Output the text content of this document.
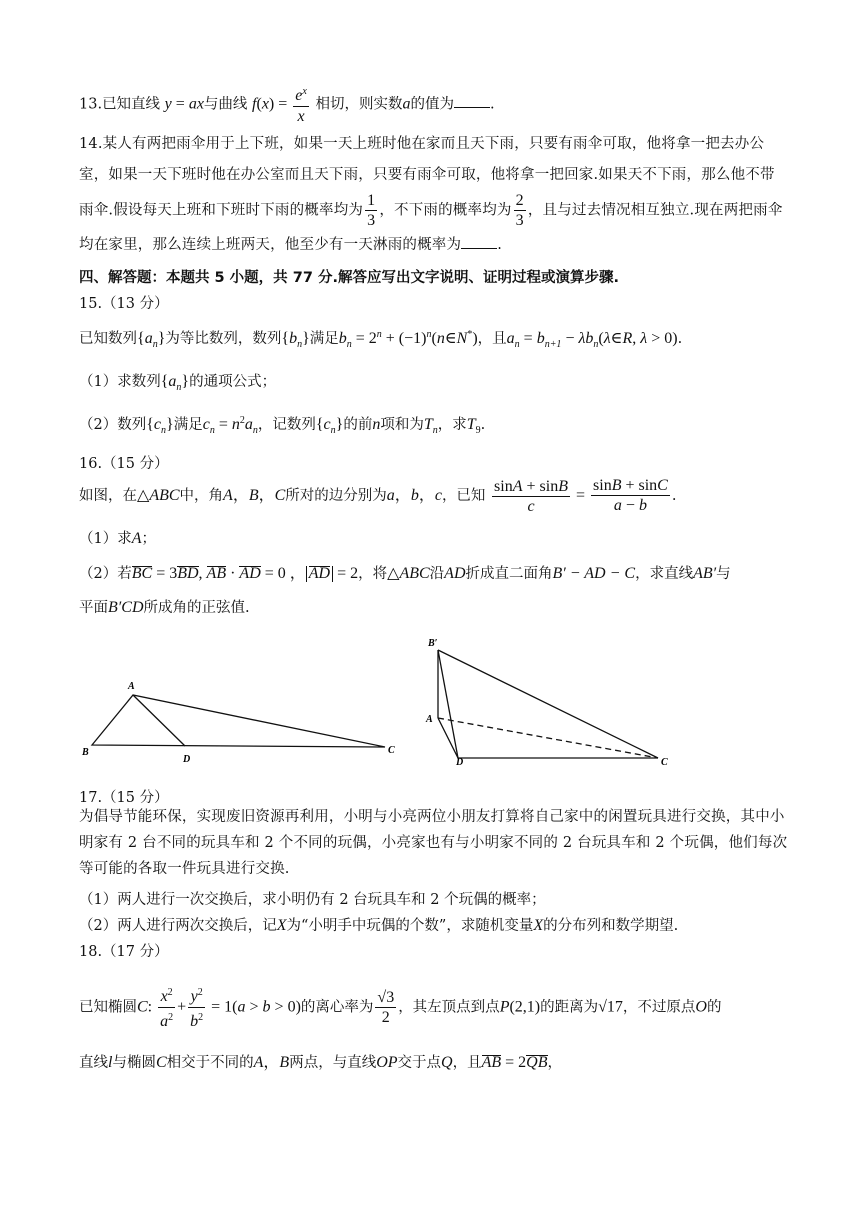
13.已知直线 y = ax与曲线 $f(x) = \frac{e^x}{x}$ 相切，则实数a的值为 .
14.某人有两把雨伞用于上下班，如果一天上班时他在家而且天下雨，只要有雨伞可取，他将拿一把去办公室，如果一天下班时他在办公室而且天下雨，只要有雨伞可取，他将拿一把回家.如果天不下雨，那么他不带雨伞.假设每天上班和下班时下雨的概率均为 $\frac{1}{3}$ ，不下雨的概率均为 $\frac{2}{3}$ ，且与过去情况相互独立.现在两把雨伞均在家里，那么连续上班两天，他至少有一天淋雨的概率为 .
四、解答题：本题共 5 小题，共 77 分.解答应写出文字说明、证明过程或演算步骤.
15.（13 分）
已知数列$\{a_n\}$为等比数列，数列$\{b_n\}$满足$b_n = 2^n$ + $(-1)^n(n\in N^*)$，且$a_n = b_{n+1}$ − $\lambda b_n(\lambda\in R$, λ > 0).
（1）求数列$\{a_n\}$的通项公式；
（2）数列$\{c_n\}$满足$c_n = n^2a_n$，记数列$\{c_n\}$的前n项和为$T_n$，求$T_9$.
16.（15 分）
如图，在△ABC中，角A，B，C所对的边分别为a，b，c，已知 $\frac{\sin A + \sin B}{c} = \frac{\sin B + \sin C}{a - b}$ .
（1）求A；
（2）若BC = 3BD, AB · AD = 0 ， AD = 2，将△ABC沿AD折成直二面角B′ − AD − C，求直线AB′与
平面B′CD所成角的正弦值.
A
B
D
C
B′
A
D	C
17.（15 分）
为倡导节能环保，实现废旧资源再利用，小明与小亮两位小朋友打算将自己家中的闲置玩具进行交换，其中小明家有 2 台不同的玩具车和 2 个不同的玩偶，小亮家也有与小明家不同的 2 台玩具车和 2 个玩偶，他们每次等可能的各取一件玩具进行交换.
（1）两人进行一次交换后，求小明仍有 2 台玩具车和 2 个玩偶的概率；
（2）两人进行两次交换后，记X为“小明手中玩偶的个数”，求随机变量X的分布列和数学期望.
18.（17 分）
已知椭圆C: $\frac{x^2}{a^2} + \frac{y^2}{b^2} = 1(a > b > 0)$的离心率为 $\frac{√3}{2}$ ，其左顶点到点P(2,1)的距离为√17，不过原点O的
直线l与椭圆C相交于不同的A，B两点，与直线OP交于点Q，且AB = 2QB，
